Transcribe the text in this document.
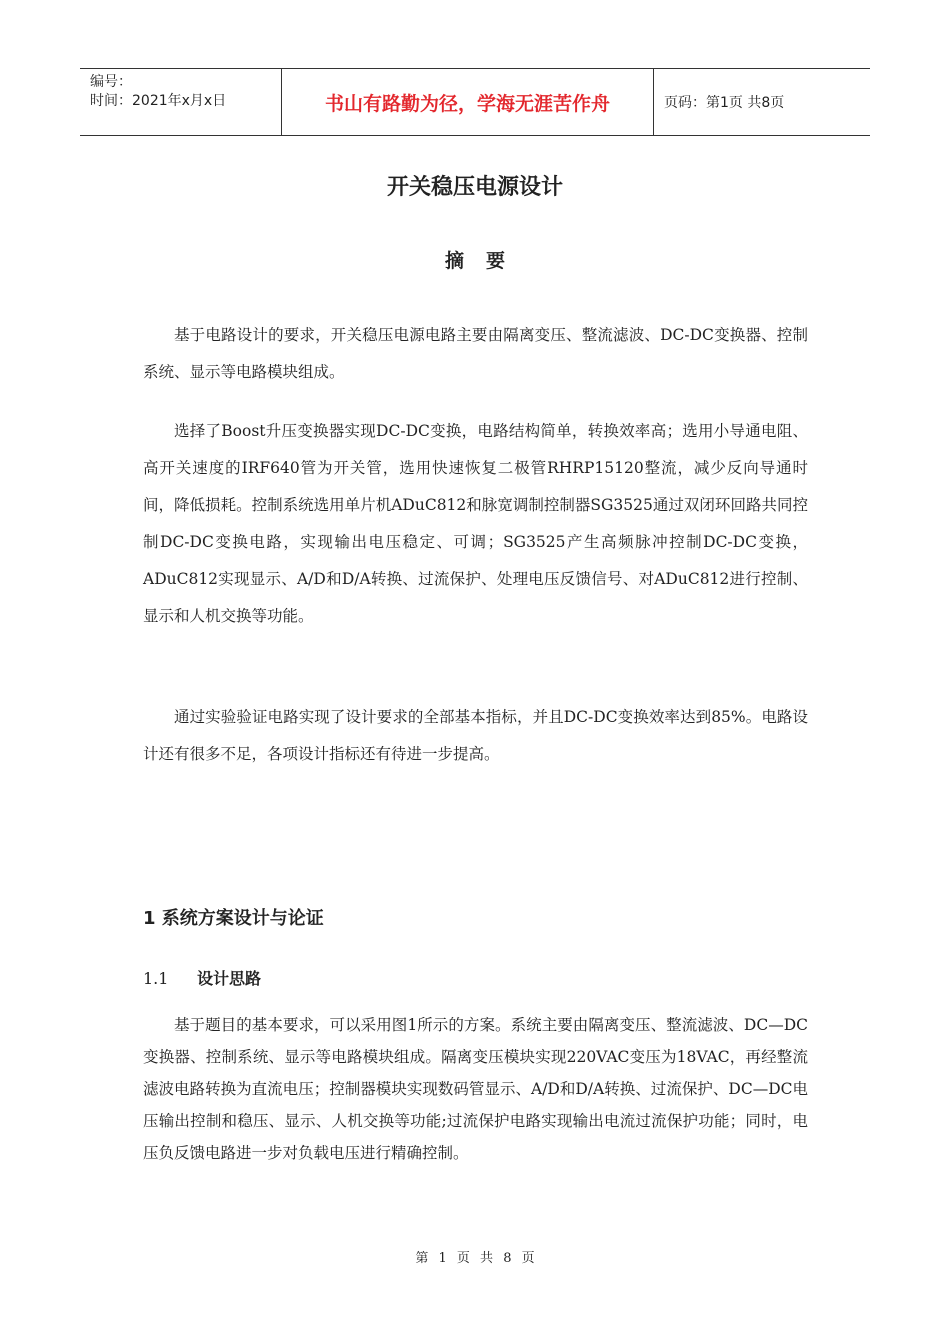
编号：
时间：2021年x月x日	书山有路勤为径，学海无涯苦作舟	页码：第1页 共8页
开关稳压电源设计
摘要

基于电路设计的要求，开关稳压电源电路主要由隔离变压、整流滤波、DC-DC变换器、控制系统、显示等电路模块组成。

选择了Boost升压变换器实现DC-DC变换，电路结构简单，转换效率高；选用小导通电阻、高开关速度的IRF640管为开关管，选用快速恢复二极管RHRP15120整流，减少反向导通时间，降低损耗。控制系统选用单片机ADuC812和脉宽调制控制器SG3525通过双闭环回路共同控制DC-DC变换电路，实现输出电压稳定、可调；SG3525产生高频脉冲控制DC-DC变换，ADuC812实现显示、A/D和D/A转换、过流保护、处理电压反馈信号、对ADuC812进行控制、显示和人机交换等功能。

通过实验验证电路实现了设计要求的全部基本指标，并且DC-DC变换效率达到85%。电路设计还有很多不足，各项设计指标还有待进一步提高。

1 系统方案设计与论证
1.1	设计思路

基于题目的基本要求，可以采用图1所示的方案。系统主要由隔离变压、整流滤波、DC—DC变换器、控制系统、显示等电路模块组成。隔离变压模块实现220VAC变压为18VAC，再经整流滤波电路转换为直流电压；控制器模块实现数码管显示、A/D和D/A转换、过流保护、DC—DC电压输出控制和稳压、显示、人机交换等功能;过流保护电路实现输出电流过流保护功能；同时，电压负反馈电路进一步对负载电压进行精确控制。

第 1 页 共 8 页
